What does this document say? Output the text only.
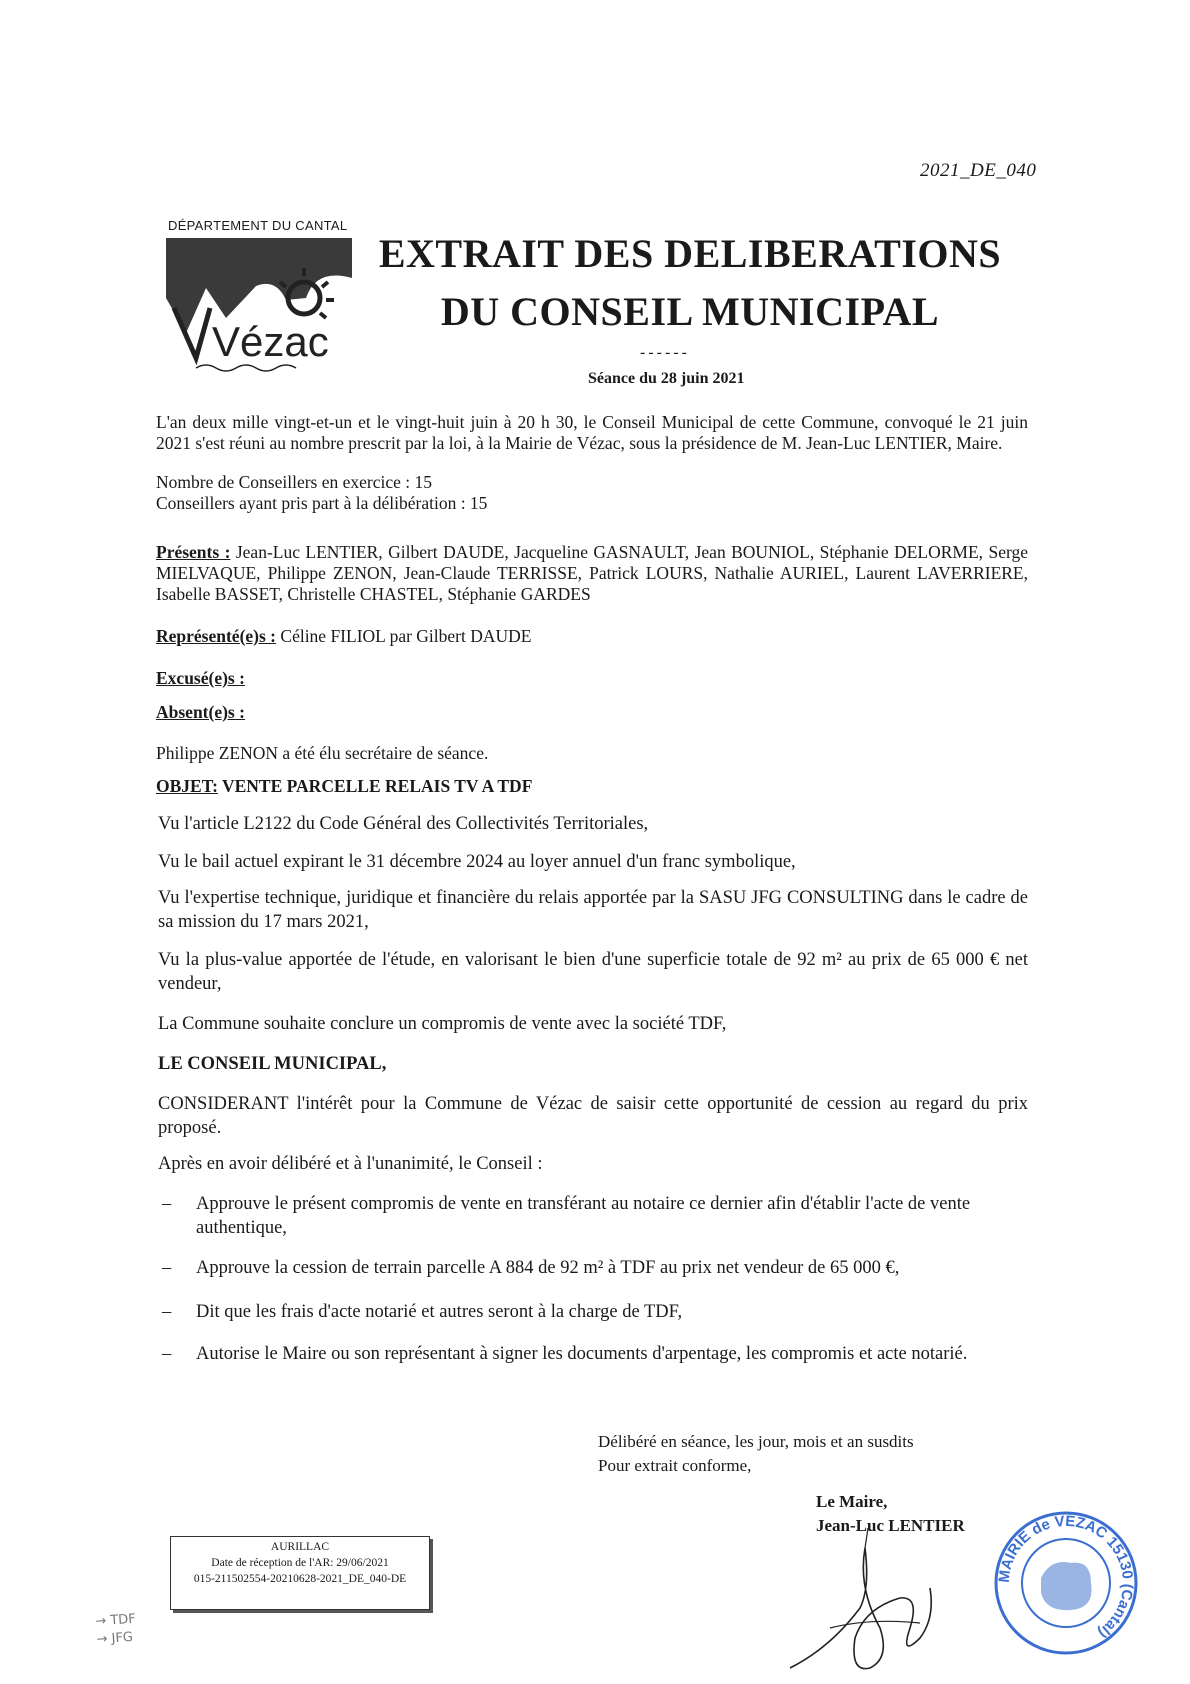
2021_DE_040
DÉPARTEMENT DU CANTAL
Vézac
EXTRAIT DES DELIBERATIONS
DU CONSEIL MUNICIPAL
------
Séance du 28 juin 2021
L'an deux mille vingt-et-un et le vingt-huit juin à 20 h 30, le Conseil Municipal de cette Commune, convoqué le 21 juin 2021 s'est réuni au nombre prescrit par la loi, à la Mairie de Vézac, sous la présidence de M. Jean-Luc LENTIER, Maire.
Nombre de Conseillers en exercice : 15
Conseillers ayant pris part à la délibération : 15
Présents : Jean-Luc LENTIER, Gilbert DAUDE, Jacqueline GASNAULT, Jean BOUNIOL, Stéphanie DELORME, Serge MIELVAQUE, Philippe ZENON, Jean-Claude TERRISSE, Patrick LOURS, Nathalie AURIEL, Laurent LAVERRIERE, Isabelle BASSET, Christelle CHASTEL, Stéphanie GARDES
Représenté(e)s : Céline FILIOL par Gilbert DAUDE
Excusé(e)s :
Absent(e)s :
Philippe ZENON a été élu secrétaire de séance.
OBJET: VENTE PARCELLE RELAIS TV A TDF
Vu l'article L2122 du Code Général des Collectivités Territoriales,
Vu le bail actuel expirant le 31 décembre 2024 au loyer annuel d'un franc symbolique,
Vu l'expertise technique, juridique et financière du relais apportée par la SASU JFG CONSULTING dans le cadre de sa mission du 17 mars 2021,
Vu la plus-value apportée de l'étude, en valorisant le bien d'une superficie totale de 92 m² au prix de 65 000 € net vendeur,
La Commune souhaite conclure un compromis de vente avec la société TDF,
LE CONSEIL MUNICIPAL,
CONSIDERANT l'intérêt pour la Commune de Vézac de saisir cette opportunité de cession au regard du prix proposé.
Après en avoir délibéré et à l'unanimité, le Conseil :
– Approuve le présent compromis de vente en transférant au notaire ce dernier afin d'établir l'acte de vente authentique,
– Approuve la cession de terrain parcelle A 884 de 92 m² à TDF au prix net vendeur de 65 000 €,
– Dit que les frais d'acte notarié et autres seront à la charge de TDF,
– Autorise le Maire ou son représentant à signer les documents d'arpentage, les compromis et acte notarié.
Délibéré en séance, les jour, mois et an susdits
Pour extrait conforme,
Le Maire,
Jean-Luc LENTIER
MAIRIE de VÉZAC 15130 (Cantal)
AURILLAC
Date de réception de l'AR: 29/06/2021
015-211502554-20210628-2021_DE_040-DE
→ TDF
→ JFG
